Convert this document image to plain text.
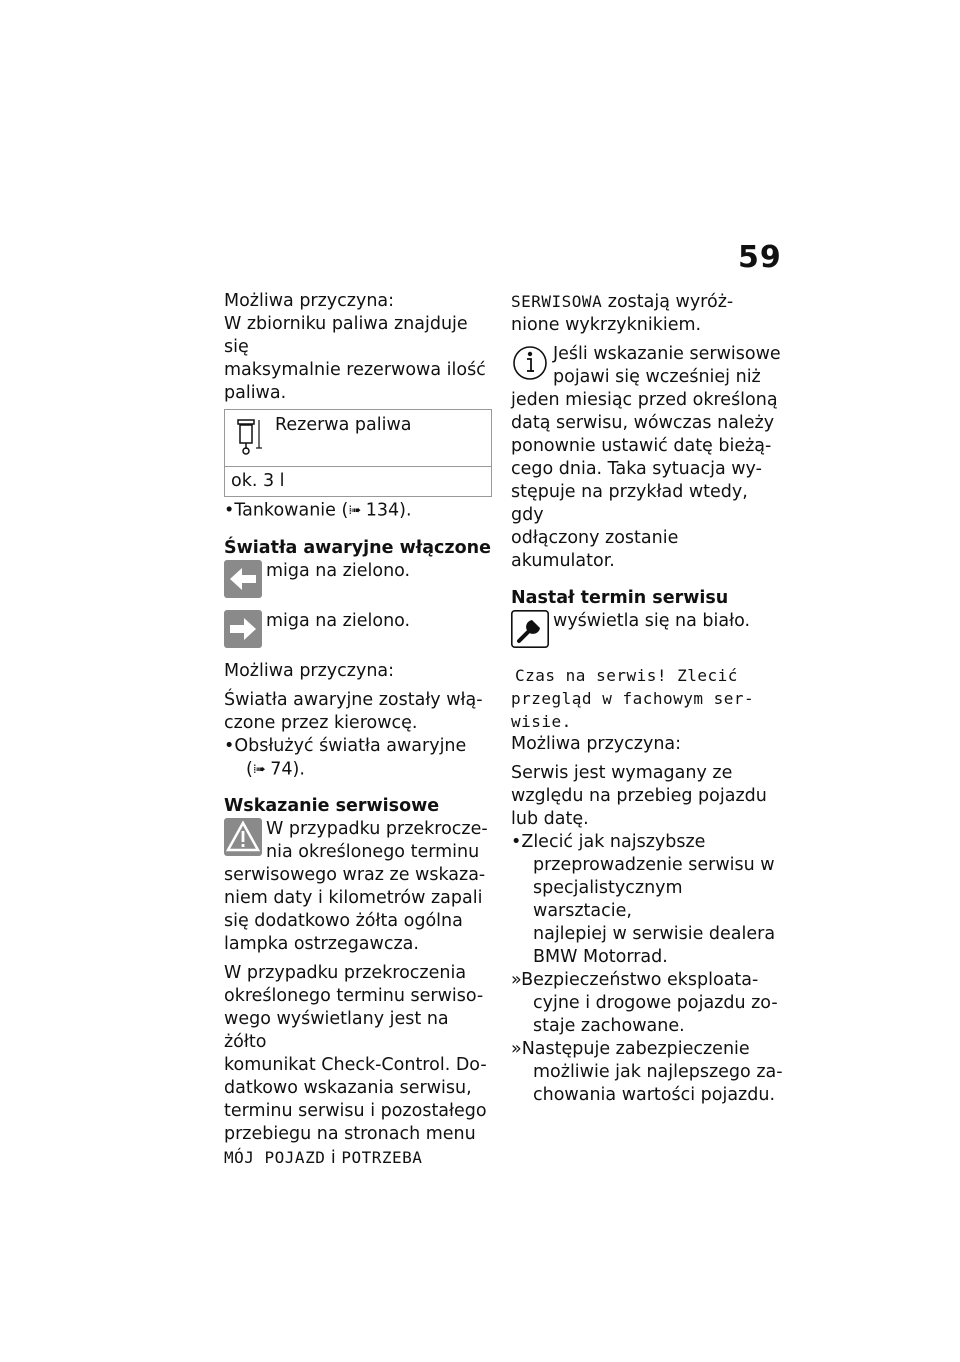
59

Możliwa przyczyna:

W zbiorniku paliwa znajduje się

maksymalnie rezerwowa ilość

paliwa.

Rezerwa paliwa
ok. 3 l

•Tankowanie (⁞➠ 134).

Światła awaryjne włączone

miga na zielono.

miga na zielono.

Możliwa przyczyna:

Światła awaryjne zostały włą-

czone przez kierowcę.

•Obsłużyć światła awaryjne

(⁞➠ 74).

Wskazanie serwisowe

W przypadku przekrocze-

nia określonego terminu

serwisowego wraz ze wskaza-

niem daty i kilometrów zapali

się dodatkowo żółta ogólna

lampka ostrzegawcza.

W przypadku przekroczenia

określonego terminu serwiso-

wego wyświetlany jest na żółto

komunikat Check-Control. Do-

datkowo wskazania serwisu,

terminu serwisu i pozostałego

przebiegu na stronach menu

MÓJ POJAZD i POTRZEBA

SERWISOWA zostają wyróż-

nione wykrzyknikiem.

Jeśli wskazanie serwisowe

pojawi się wcześniej niż

jeden miesiąc przed określoną

datą serwisu, wówczas należy

ponownie ustawić datę bieżą-

cego dnia. Taka sytuacja wy-

stępuje na przykład wtedy, gdy

odłączony zostanie akumulator.

Nastał termin serwisu

wyświetla się na biało.

Czas na serwis! Zlecić

przegląd w fachowym ser-

wisie.

Możliwa przyczyna:

Serwis jest wymagany ze

względu na przebieg pojazdu

lub datę.

•Zlecić jak najszybsze

przeprowadzenie serwisu w

specjalistycznym warsztacie,

najlepiej w serwisie dealera

BMW Motorrad.

»Bezpieczeństwo eksploata-

cyjne i drogowe pojazdu zo-

staje zachowane.

»Następuje zabezpieczenie

możliwie jak najlepszego za-

chowania wartości pojazdu.
